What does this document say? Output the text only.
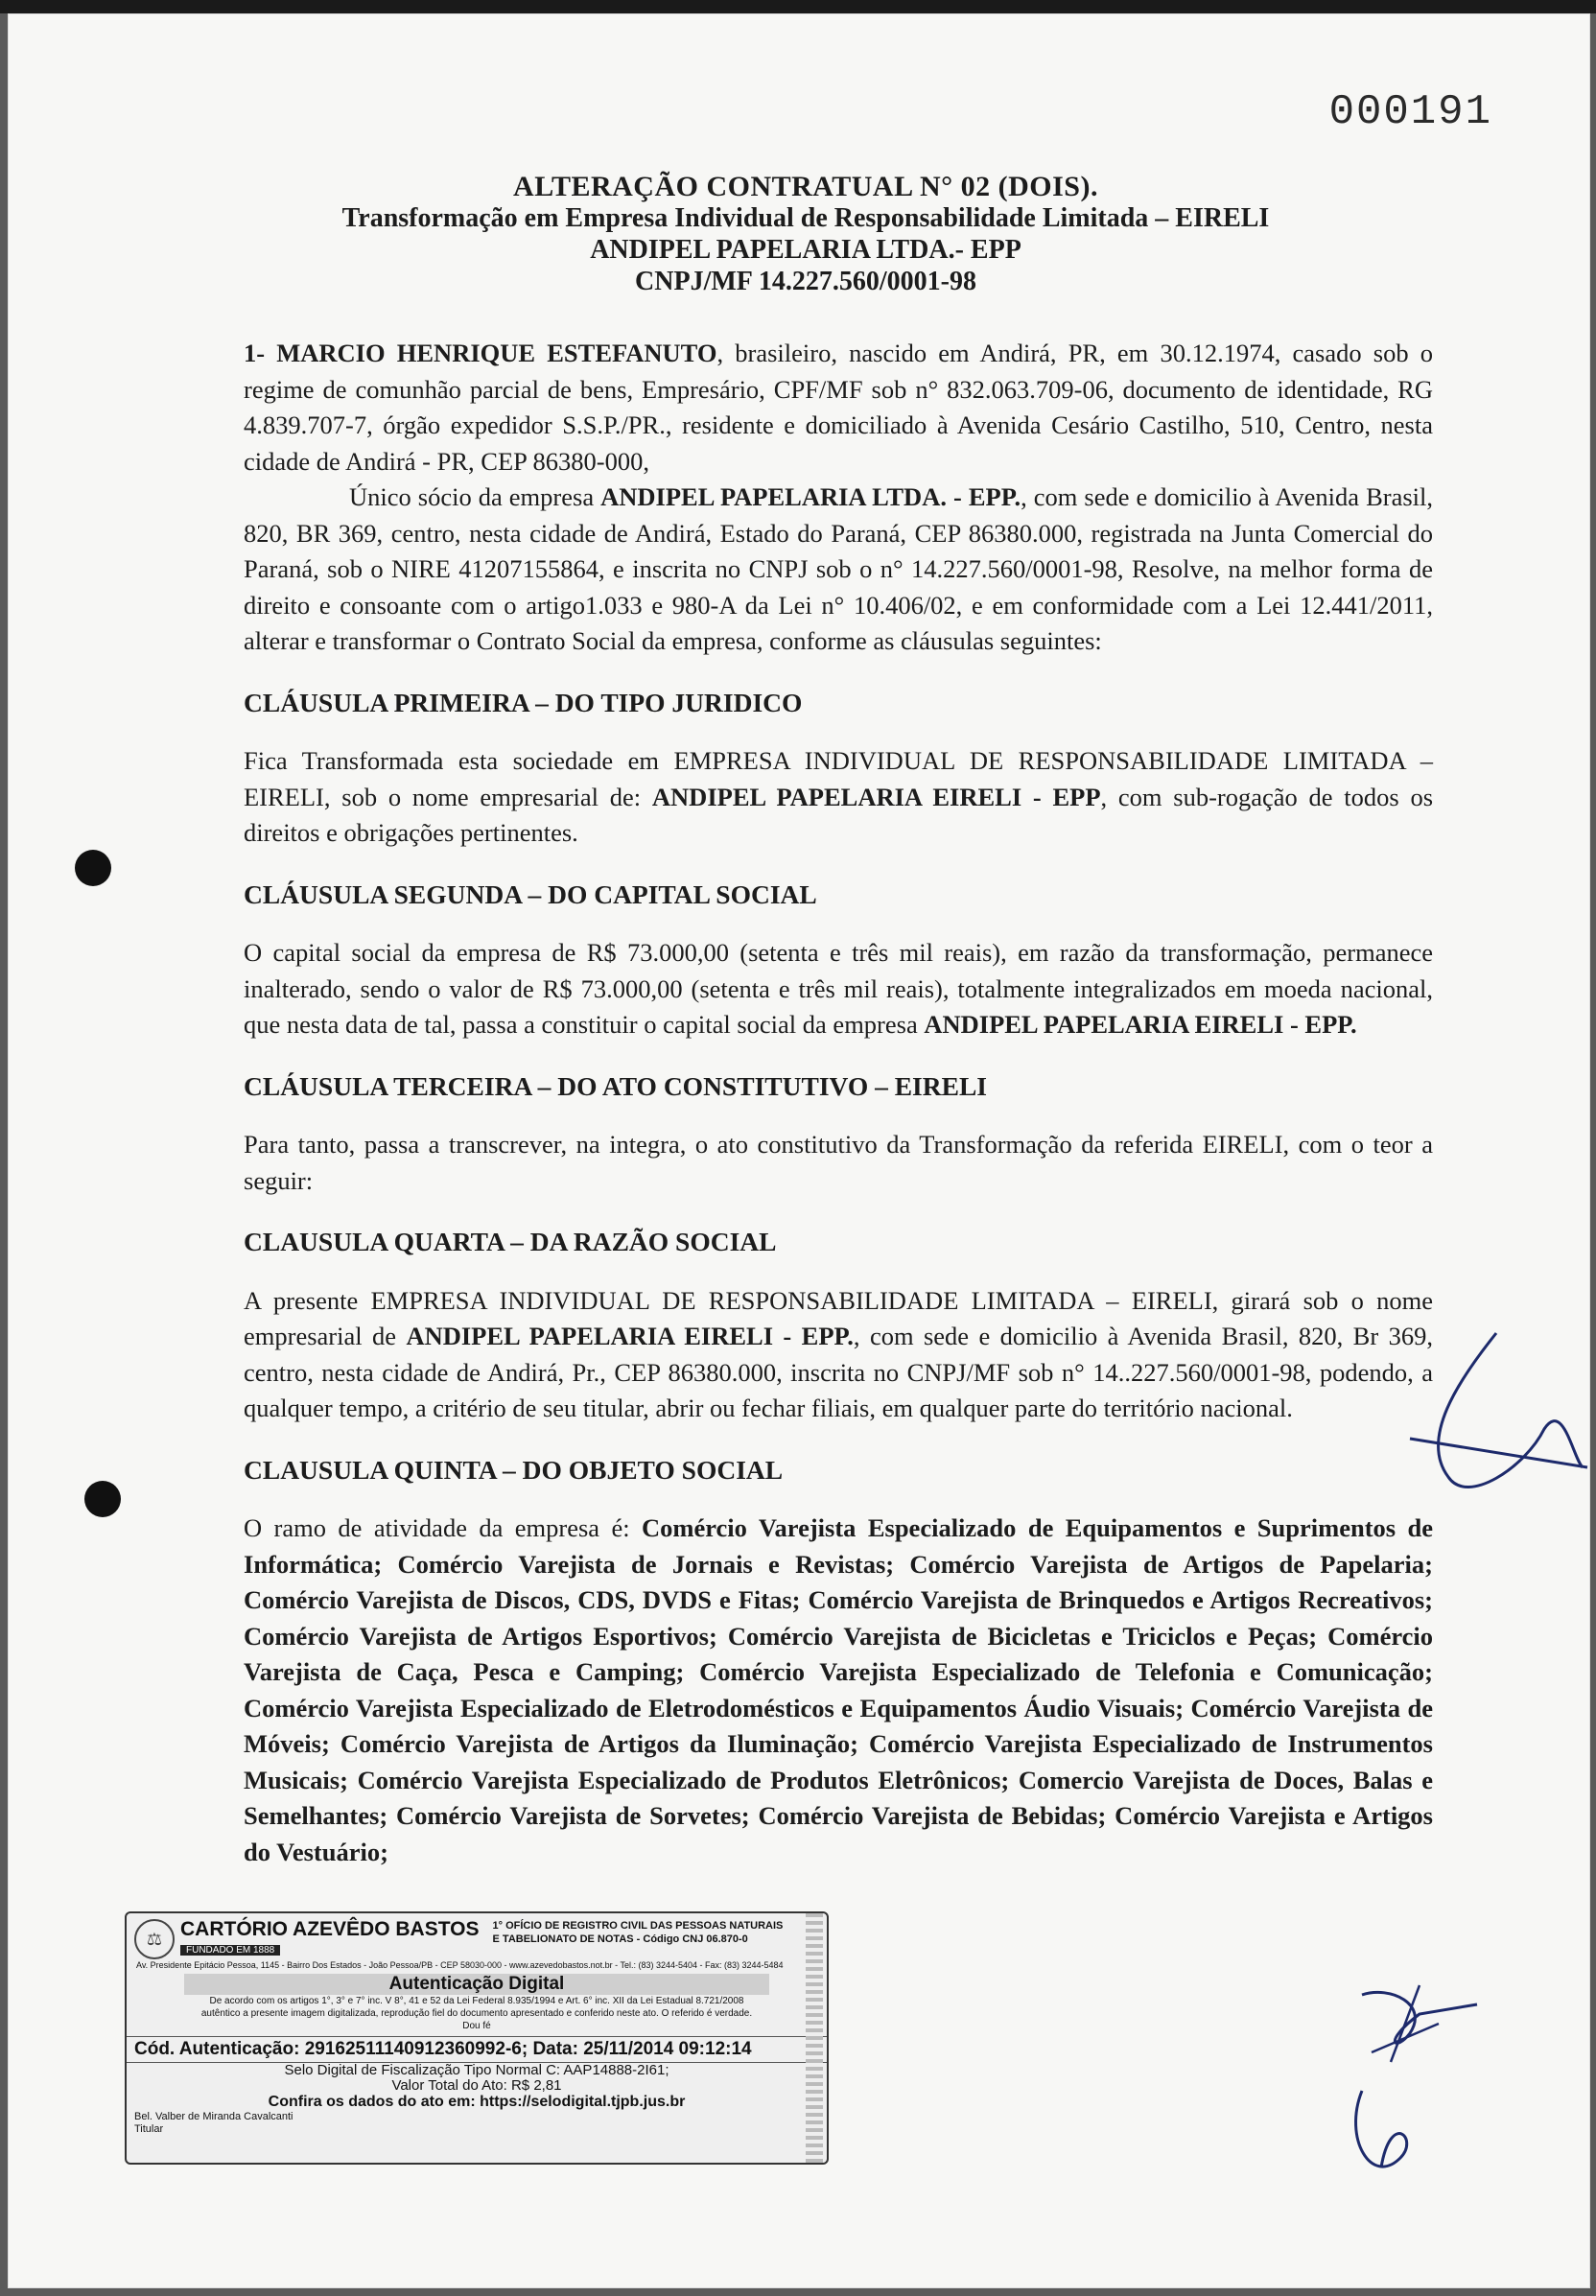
000191
ALTERAÇÃO CONTRATUAL N° 02 (DOIS).
Transformação em Empresa Individual de Responsabilidade Limitada – EIRELI
ANDIPEL PAPELARIA LTDA.- EPP
CNPJ/MF 14.227.560/0001-98

1- MARCIO HENRIQUE ESTEFANUTO, brasileiro, nascido em Andirá, PR, em 30.12.1974, casado sob o regime de comunhão parcial de bens, Empresário, CPF/MF sob n° 832.063.709-06, documento de identidade, RG 4.839.707-7, órgão expedidor S.S.P./PR., residente e domiciliado à Avenida Cesário Castilho, 510, Centro, nesta cidade de Andirá - PR, CEP 86380-000,

Único sócio da empresa ANDIPEL PAPELARIA LTDA. - EPP., com sede e domicilio à Avenida Brasil, 820, BR 369, centro, nesta cidade de Andirá, Estado do Paraná, CEP 86380.000, registrada na Junta Comercial do Paraná, sob o NIRE 41207155864, e inscrita no CNPJ sob o n° 14.227.560/0001-98, Resolve, na melhor forma de direito e consoante com o artigo1.033 e 980-A da Lei n° 10.406/02, e em conformidade com a Lei 12.441/2011, alterar e transformar o Contrato Social da empresa, conforme as cláusulas seguintes:

CLÁUSULA PRIMEIRA – DO TIPO JURIDICO

Fica Transformada esta sociedade em EMPRESA INDIVIDUAL DE RESPONSABILIDADE LIMITADA – EIRELI, sob o nome empresarial de: ANDIPEL PAPELARIA EIRELI - EPP, com sub-rogação de todos os direitos e obrigações pertinentes.

CLÁUSULA SEGUNDA – DO CAPITAL SOCIAL

O capital social da empresa de R$ 73.000,00 (setenta e três mil reais), em razão da transformação, permanece inalterado, sendo o valor de R$ 73.000,00 (setenta e três mil reais), totalmente integralizados em moeda nacional, que nesta data de tal, passa a constituir o capital social da empresa ANDIPEL PAPELARIA EIRELI - EPP.

CLÁUSULA TERCEIRA – DO ATO CONSTITUTIVO – EIRELI

Para tanto, passa a transcrever, na integra, o ato constitutivo da Transformação da referida EIRELI, com o teor a seguir:

CLAUSULA QUARTA – DA RAZÃO SOCIAL

A presente EMPRESA INDIVIDUAL DE RESPONSABILIDADE LIMITADA – EIRELI, girará sob o nome empresarial de ANDIPEL PAPELARIA EIRELI - EPP., com sede e domicilio à Avenida Brasil, 820, Br 369, centro, nesta cidade de Andirá, Pr., CEP 86380.000, inscrita no CNPJ/MF sob n° 14..227.560/0001-98, podendo, a qualquer tempo, a critério de seu titular, abrir ou fechar filiais, em qualquer parte do território nacional.

CLAUSULA QUINTA – DO OBJETO SOCIAL

O ramo de atividade da empresa é: Comércio Varejista Especializado de Equipamentos e Suprimentos de Informática; Comércio Varejista de Jornais e Revistas; Comércio Varejista de Artigos de Papelaria; Comércio Varejista de Discos, CDS, DVDS e Fitas; Comércio Varejista de Brinquedos e Artigos Recreativos; Comércio Varejista de Artigos Esportivos; Comércio Varejista de Bicicletas e Triciclos e Peças; Comércio Varejista de Caça, Pesca e Camping; Comércio Varejista Especializado de Telefonia e Comunicação; Comércio Varejista Especializado de Eletrodomésticos e Equipamentos Áudio Visuais; Comércio Varejista de Móveis; Comércio Varejista de Artigos da Iluminação; Comércio Varejista Especializado de Instrumentos Musicais; Comércio Varejista Especializado de Produtos Eletrônicos; Comercio Varejista de Doces, Balas e Semelhantes; Comércio Varejista de Sorvetes; Comércio Varejista de Bebidas; Comércio Varejista e Artigos do Vestuário;

⚖ CARTÓRIO AZEVÊDO BASTOS
FUNDADO EM 1888
1° OFÍCIO DE REGISTRO CIVIL DAS PESSOAS NATURAIS
E TABELIONATO DE NOTAS - Código CNJ 06.870-0
Av. Presidente Epitácio Pessoa, 1145 - Bairro Dos Estados - João Pessoa/PB - CEP 58030-000 - www.azevedobastos.not.br - Tel.: (83) 3244-5404 - Fax: (83) 3244-5484
Autenticação Digital
De acordo com os artigos 1°, 3° e 7° inc. V 8°, 41 e 52 da Lei Federal 8.935/1994 e Art. 6° inc. XII da Lei Estadual 8.721/2008 autêntico a presente imagem digitalizada, reprodução fiel do documento apresentado e conferido neste ato. O referido é verdade. Dou fé
Cód. Autenticação: 29162511140912360992-6; Data: 25/11/2014 09:12:14
Selo Digital de Fiscalização Tipo Normal C: AAP14888-2I61;
Valor Total do Ato: R$ 2,81
Confira os dados do ato em: https://selodigital.tjpb.jus.br
Bel. Valber de Miranda Cavalcanti
Titular
